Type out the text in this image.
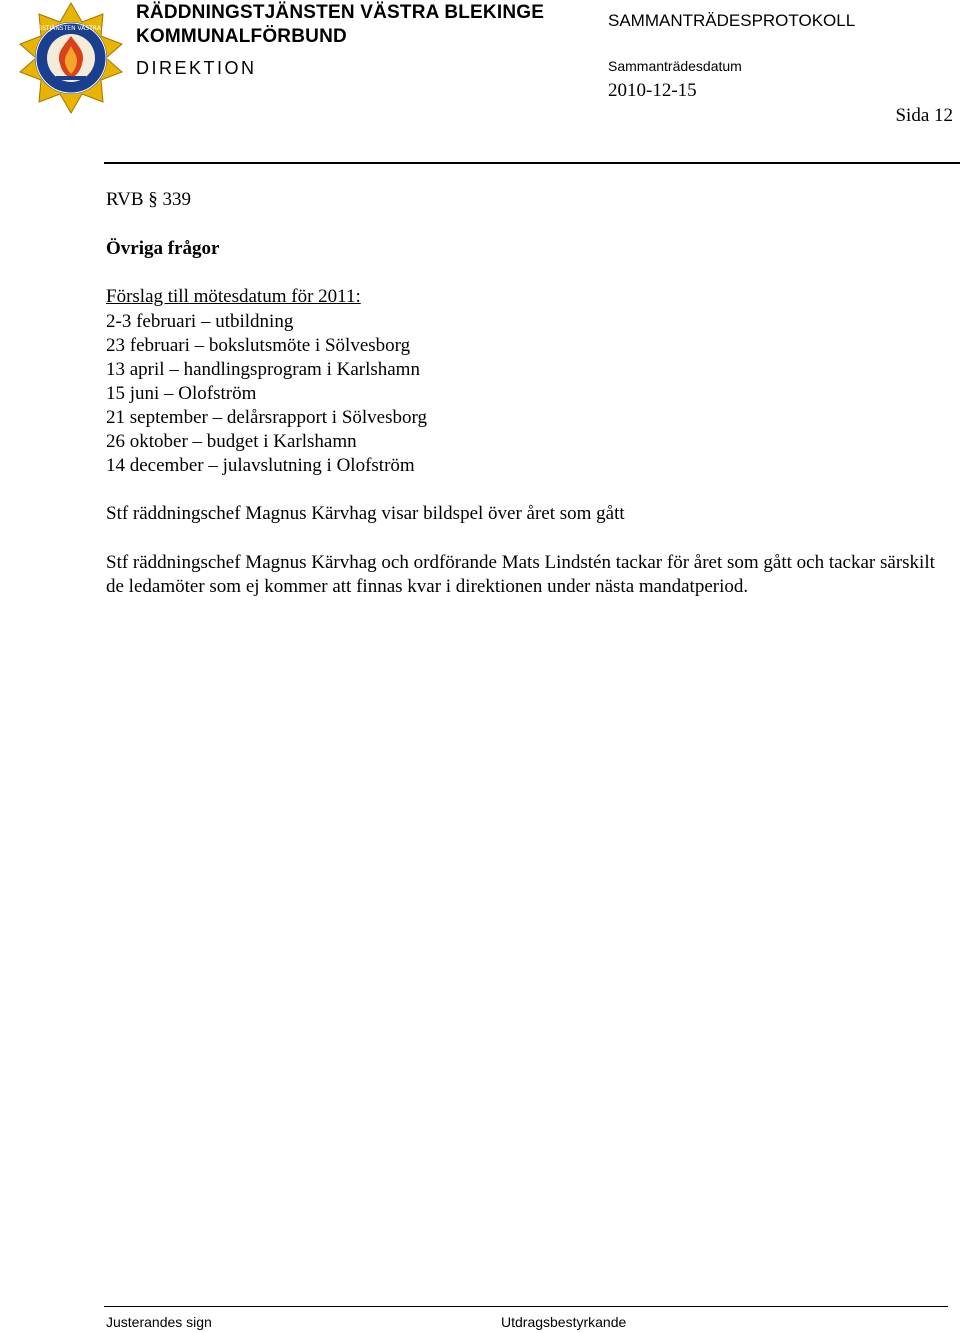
RÄDDNINGSTJÄNSTEN VÄSTRA BLEKINGE
RÄDDNINGSTJÄNSTEN VÄSTRA BLEKINGE
KOMMUNALFÖRBUND
DIREKTION
SAMMANTRÄDESPROTOKOLL
Sammanträdesdatum
2010-12-15
Sida 12
RVB § 339
Övriga frågor
Förslag till mötesdatum för 2011:
2-3 februari – utbildning
23 februari – bokslutsmöte i Sölvesborg
13 april – handlingsprogram i Karlshamn
15 juni – Olofström
21 september – delårsrapport i Sölvesborg
26 oktober – budget i Karlshamn
14 december – julavslutning i Olofström
Stf räddningschef Magnus Kärvhag visar bildspel över året som gått
Stf räddningschef Magnus Kärvhag och ordförande Mats Lindstén tackar för året som gått och tackar särskilt de ledamöter som ej kommer att finnas kvar i direktionen under nästa mandatperiod.
Justerandes sign	Utdragsbestyrkande
